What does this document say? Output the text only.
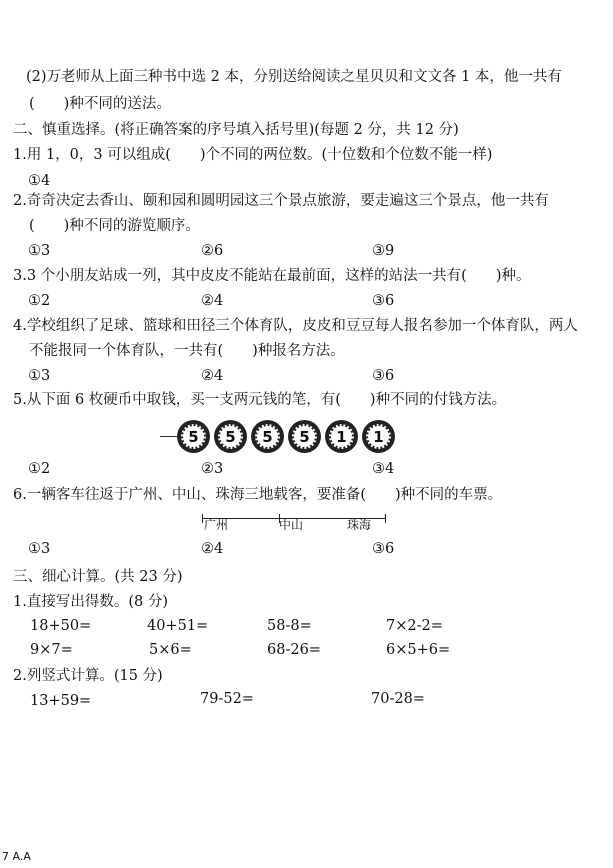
(2)万老师从上面三种书中选 2 本，分别送给阅读之星贝贝和文文各 1 本，他一共有
(　　)种不同的送法。
二、慎重选择。(将正确答案的序号填入括号里)(每题 2 分，共 12 分)
1.用 1，0，3 可以组成(　　)个不同的两位数。(十位数和个位数不能一样)
①4
2.奇奇决定去香山、颐和园和圆明园这三个景点旅游，要走遍这三个景点，他一共有
(　　)种不同的游览顺序。
①3	②6	③9
3.3 个小朋友站成一列，其中皮皮不能站在最前面，这样的站法一共有(　　)种。
①2	②4	③6
4.学校组织了足球、篮球和田径三个体育队，皮皮和豆豆每人报名参加一个体育队，两人
不能报同一个体育队，一共有(　　)种报名方法。
①3	②4	③6
5.从下面 6 枚硬币中取钱，买一支两元钱的笔，有(　　)种不同的付钱方法。
5	5	5	5	1	1
①2	②3	③4
6.一辆客车往返于广州、中山、珠海三地载客，要准备(　　)种不同的车票。
广州	中山	珠海
①3	②4	③6
三、细心计算。(共 23 分)
1.直接写出得数。(8 分)
18+50=	40+51=	58-8=	7×2-2=
9×7=	5×6=	68-26=	6×5+6=
2.列竖式计算。(15 分)
13+59=	79-52=	70-28=
7 A.A
